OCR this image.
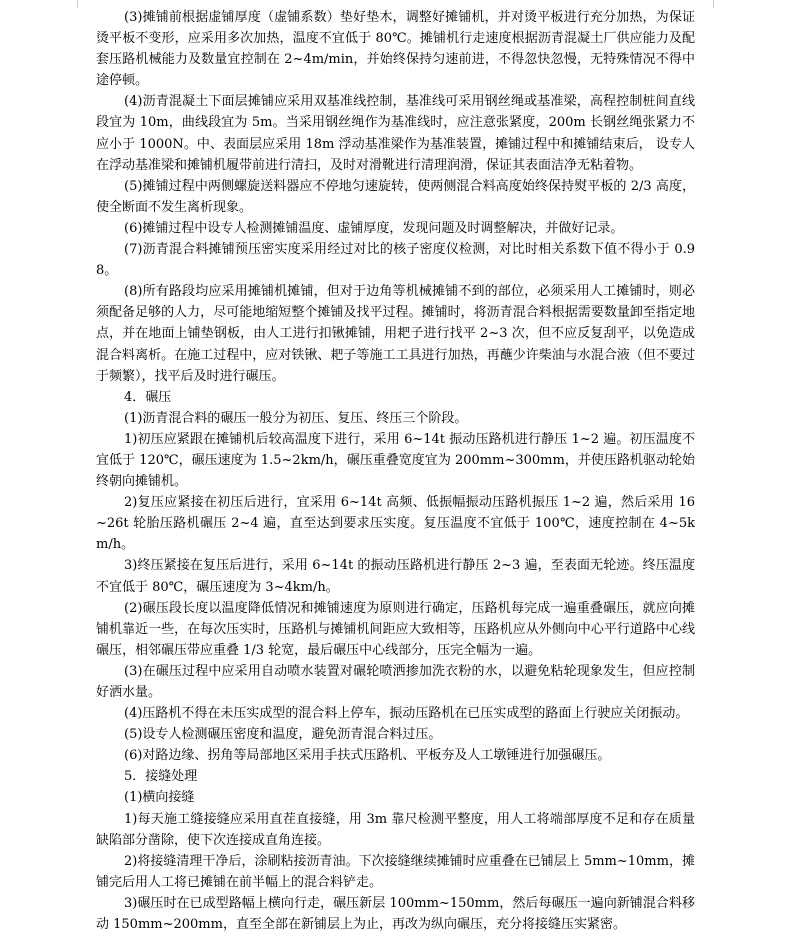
(3)摊铺前根据虚铺厚度（虚铺系数）垫好垫木，调整好摊铺机，并对烫平板进行充分加热，为保证烫平板不变形，应采用多次加热，温度不宜低于 80℃。摊铺机行走速度根据沥青混凝土厂供应能力及配套压路机械能力及数量宜控制在 2~4m/min，并始终保持匀速前进，不得忽快忽慢，无特殊情况不得中途停顿。

(4)沥青混凝土下面层摊铺应采用双基准线控制，基准线可采用钢丝绳或基准梁，高程控制桩间直线段宜为 10m，曲线段宜为 5m。当采用钢丝绳作为基准线时，应注意张紧度，200m 长钢丝绳张紧力不应小于 1000N。中、表面层应采用 18m 浮动基准梁作为基准装置，摊铺过程中和摊铺结束后， 设专人在浮动基准梁和摊铺机履带前进行清扫，及时对滑靴进行清理润滑，保证其表面洁净无粘着物。

(5)摊铺过程中两侧螺旋送料器应不停地匀速旋转，使两侧混合料高度始终保持熨平板的 2/3 高度，使全断面不发生离析现象。

(6)摊铺过程中设专人检测摊铺温度、虚铺厚度，发现问题及时调整解决，并做好记录。

(7)沥青混合料摊铺预压密实度采用经过对比的核子密度仪检测，对比时相关系数下值不得小于 0.98。

(8)所有路段均应采用摊铺机摊铺，但对于边角等机械摊铺不到的部位，必须采用人工摊铺时，则必须配备足够的人力，尽可能地缩短整个摊铺及找平过程。摊铺时，将沥青混合料根据需要数量卸至指定地点，并在地面上铺垫钢板，由人工进行扣锹摊铺，用耙子进行找平 2~3 次，但不应反复刮平，以免造成混合料离析。在施工过程中，应对铁锹、耙子等施工工具进行加热，再蘸少许柴油与水混合液（但不要过于频繁），找平后及时进行碾压。

4．碾压

(1)沥青混合料的碾压一般分为初压、复压、终压三个阶段。

1)初压应紧跟在摊铺机后较高温度下进行，采用 6~14t 振动压路机进行静压 1~2 遍。初压温度不宜低于 120℃，碾压速度为 1.5~2km/h，碾压重叠宽度宜为 200mm~300mm，并使压路机驱动轮始终朝向摊铺机。

2)复压应紧接在初压后进行，宜采用 6~14t 高频、低振幅振动压路机振压 1~2 遍，然后采用 16~26t 轮胎压路机碾压 2~4 遍，直至达到要求压实度。复压温度不宜低于 100℃，速度控制在 4~5km/h。

3)终压紧接在复压后进行，采用 6~14t 的振动压路机进行静压 2~3 遍，至表面无轮迹。终压温度不宜低于 80℃，碾压速度为 3~4km/h。

(2)碾压段长度以温度降低情况和摊铺速度为原则进行确定，压路机每完成一遍重叠碾压，就应向摊铺机靠近一些，在每次压实时，压路机与摊铺机间距应大致相等，压路机应从外侧向中心平行道路中心线碾压，相邻碾压带应重叠 1/3 轮宽，最后碾压中心线部分，压完全幅为一遍。

(3)在碾压过程中应采用自动喷水装置对碾轮喷洒掺加洗衣粉的水，以避免粘轮现象发生，但应控制好洒水量。

(4)压路机不得在未压实成型的混合料上停车，振动压路机在已压实成型的路面上行驶应关闭振动。

(5)设专人检测碾压密度和温度，避免沥青混合料过压。

(6)对路边缘、拐角等局部地区采用手扶式压路机、平板夯及人工墩锤进行加强碾压。

5．接缝处理

(1)横向接缝

1)每天施工缝接缝应采用直茬直接缝，用 3m 靠尺检测平整度，用人工将端部厚度不足和存在质量缺陷部分凿除，使下次连接成直角连接。

2)将接缝清理干净后，涂刷粘接沥青油。下次接缝继续摊铺时应重叠在已铺层上 5mm~10mm，摊铺完后用人工将已摊铺在前半幅上的混合料铲走。

3)碾压时在已成型路幅上横向行走，碾压新层 100mm~150mm，然后每碾压一遍向新铺混合料移动 150mm~200mm，直至全部在新铺层上为止，再改为纵向碾压，充分将接缝压实紧密。
